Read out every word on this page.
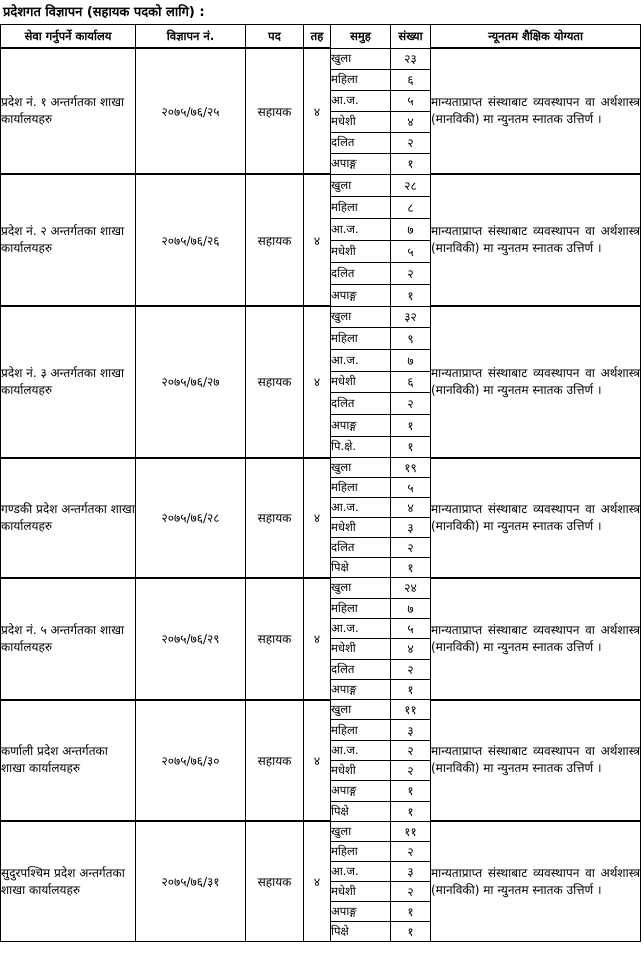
प्रदेशगत विज्ञापन (सहायक पदको लागि) :
सेवा गर्नुपर्ने कार्यालय	विज्ञापन नं.	पद	तह	समुह	संख्या	न्यूनतम शैक्षिक योग्यता
प्रदेश नं. १ अन्तर्गतका शाखा कार्यालयहरु	२०७५/७६/२५	सहायक	४	खुला	२३	मान्यताप्राप्त संस्थाबाट व्यवस्थापन वा अर्थशास्त्र (मानविकी) मा न्युनतम स्नातक उत्तिर्ण ।
				महिला	६	
				आ.ज.	५	
				मधेशी	४	
				दलित	२	
				अपाङ्ग	१	
प्रदेश नं. २ अन्तर्गतका शाखा कार्यालयहरु	२०७५/७६/२६	सहायक	४	खुला	२८	मान्यताप्राप्त संस्थाबाट व्यवस्थापन वा अर्थशास्त्र (मानविकी) मा न्युनतम स्नातक उत्तिर्ण ।
				महिला	८	
				आ.ज.	७	
				मधेशी	५	
				दलित	२	
				अपाङ्ग	१	
प्रदेश नं. ३ अन्तर्गतका शाखा कार्यालयहरु	२०७५/७६/२७	सहायक	४	खुला	३२	मान्यताप्राप्त संस्थाबाट व्यवस्थापन वा अर्थशास्त्र (मानविकी) मा न्युनतम स्नातक उत्तिर्ण ।
				महिला	९	
				आ.ज.	७	
				मधेशी	६	
				दलित	२	
				अपाङ्ग	१	
				पि.क्षे.	१	
गण्डकी प्रदेश अन्तर्गतका शाखा कार्यालयहरु	२०७५/७६/२८	सहायक	४	खुला	१९	मान्यताप्राप्त संस्थाबाट व्यवस्थापन वा अर्थशास्त्र (मानविकी) मा न्युनतम स्नातक उत्तिर्ण ।
				महिला	५	
				आ.ज.	४	
				मधेशी	३	
				दलित	२	
				पिक्षे	१	
प्रदेश नं. ५ अन्तर्गतका शाखा कार्यालयहरु	२०७५/७६/२९	सहायक	४	खुला	२४	मान्यताप्राप्त संस्थाबाट व्यवस्थापन वा अर्थशास्त्र (मानविकी) मा न्युनतम स्नातक उत्तिर्ण ।
				महिला	७	
				आ.ज.	५	
				मधेशी	४	
				दलित	२	
				अपाङ्ग	१	
कर्णाली प्रदेश अन्तर्गतका शाखा कार्यालयहरु	२०७५/७६/३०	सहायक	४	खुला	११	मान्यताप्राप्त संस्थाबाट व्यवस्थापन वा अर्थशास्त्र (मानविकी) मा न्युनतम स्नातक उत्तिर्ण ।
				महिला	३	
				आ.ज.	२	
				मधेशी	२	
				अपाङ्ग	१	
				पिक्षे	१	
सुदुरपश्चिम प्रदेश अन्तर्गतका शाखा कार्यालयहरु	२०७५/७६/३१	सहायक	४	खुला	११	मान्यताप्राप्त संस्थाबाट व्यवस्थापन वा अर्थशास्त्र (मानविकी) मा न्युनतम स्नातक उत्तिर्ण ।
				महिला	२	
				आ.ज.	३	
				मधेशी	२	
				अपाङ्ग	१	
				पिक्षे	१	
